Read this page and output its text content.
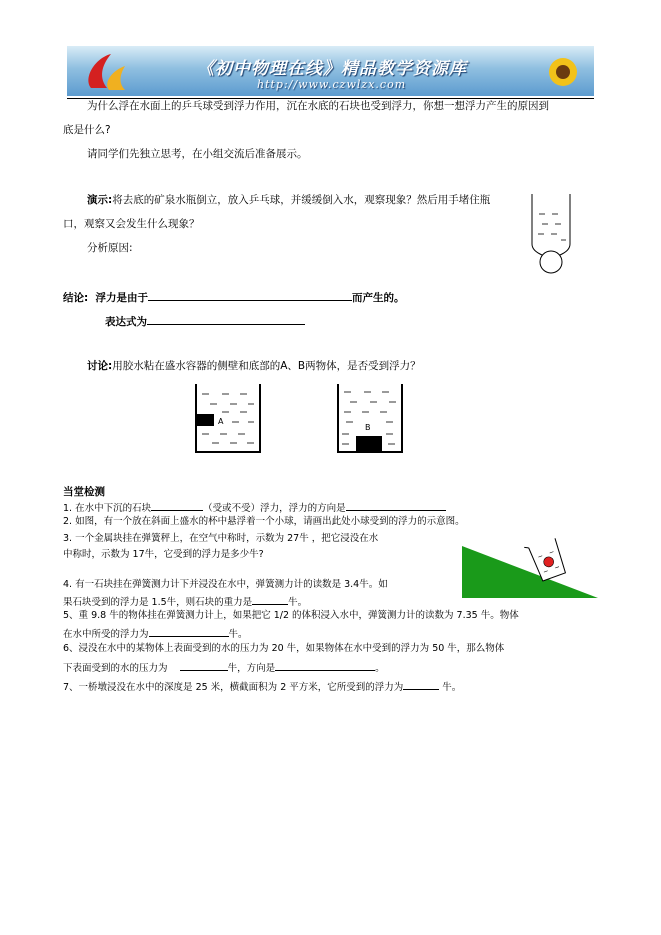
《初中物理在线》精品教学资源库
http://www.czwlzx.com
为什么浮在水面上的乒乓球受到浮力作用，沉在水底的石块也受到浮力，你想一想浮力产生的原因到
底是什么?
请同学们先独立思考，在小组交流后准备展示。
演示:将去底的矿泉水瓶倒立，放入乒乓球，并缓缓倒入水，观察现象？然后用手堵住瓶
口，观察又会发生什么现象？
分析原因:
结论: 浮力是由于	而产生的。
表达式为
讨论:用胶水粘在盛水容器的侧壁和底部的A、B两物体，是否受到浮力？
A
B
当堂检测
1. 在水中下沉的石块	（受或不受）浮力，浮力的方向是
2. 如图，有一个放在斜面上盛水的杯中悬浮着一个小球，请画出此处小球受到的浮力的示意图。
3. 一个金属块挂在弹簧秤上，在空气中称时，示数为 27牛 ，把它浸没在水
中称时，示数为 17牛，它受到的浮力是多少牛?
4. 有一石块挂在弹簧测力计下并浸没在水中，弹簧测力计的读数是 3.4牛。如
果石块受到的浮力是 1.5牛，则石块的重力是	牛。
5、重 9.8 牛的物体挂在弹簧测力计上，如果把它 1/2 的体积浸入水中，弹簧测力计的读数为 7.35 牛。物体
在水中所受的浮力为	牛。
6、浸没在水中的某物体上表面受到的水的压力为 20 牛，如果物体在水中受到的浮力为 50 牛，那么物体
下表面受到的水的压力为	牛，方向是	。
7、一桥墩浸没在水中的深度是 25 米，横截面积为 2 平方米，它所受到的浮力为	牛。
